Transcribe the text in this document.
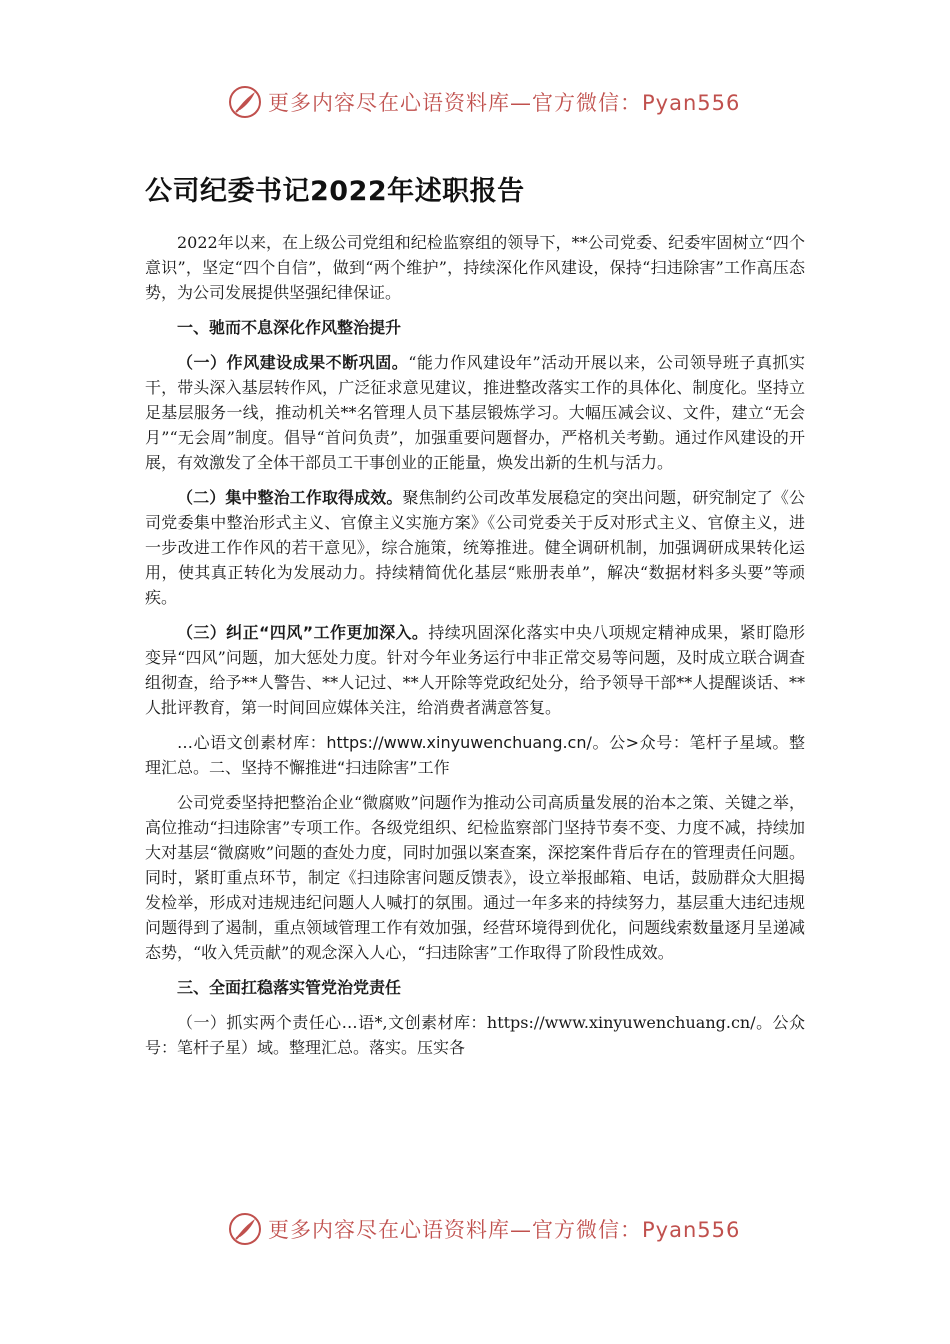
更多内容尽在心语资料库—官方微信：Pyan556
公司纪委书记2022年述职报告

2022年以来，在上级公司党组和纪检监察组的领导下，**公司党委、纪委牢固树立“四个意识”，坚定“四个自信”，做到“两个维护”，持续深化作风建设，保持“扫违除害”工作高压态势，为公司发展提供坚强纪律保证。

一、驰而不息深化作风整治提升

（一）作风建设成果不断巩固。“能力作风建设年”活动开展以来，公司领导班子真抓实干，带头深入基层转作风，广泛征求意见建议，推进整改落实工作的具体化、制度化。坚持立足基层服务一线，推动机关**名管理人员下基层锻炼学习。大幅压减会议、文件，建立“无会月”“无会周”制度。倡导“首问负责”，加强重要问题督办，严格机关考勤。通过作风建设的开展，有效激发了全体干部员工干事创业的正能量，焕发出新的生机与活力。

（二）集中整治工作取得成效。聚焦制约公司改革发展稳定的突出问题，研究制定了《公司党委集中整治形式主义、官僚主义实施方案》《公司党委关于反对形式主义、官僚主义，进一步改进工作作风的若干意见》，综合施策，统筹推进。健全调研机制，加强调研成果转化运用，使其真正转化为发展动力。持续精简优化基层“账册表单”，解决“数据材料多头要”等顽疾。

（三）纠正“四风”工作更加深入。持续巩固深化落实中央八项规定精神成果，紧盯隐形变异“四风”问题，加大惩处力度。针对今年业务运行中非正常交易等问题，及时成立联合调查组彻查，给予**人警告、**人记过、**人开除等党政纪处分，给予领导干部**人提醒谈话、**人批评教育，第一时间回应媒体关注，给消费者满意答复。

…心语文创素材库：https://www.xinyuwenchuang.cn/。公>众号：笔杆子星域。整理汇总。二、坚持不懈推进“扫违除害”工作

公司党委坚持把整治企业“微腐败”问题作为推动公司高质量发展的治本之策、关键之举，高位推动“扫违除害”专项工作。各级党组织、纪检监察部门坚持节奏不变、力度不减，持续加大对基层“微腐败”问题的查处力度，同时加强以案查案，深挖案件背后存在的管理责任问题。同时，紧盯重点环节，制定《扫违除害问题反馈表》，设立举报邮箱、电话，鼓励群众大胆揭发检举，形成对违规违纪问题人人喊打的氛围。通过一年多来的持续努力，基层重大违纪违规问题得到了遏制，重点领域管理工作有效加强，经营环境得到优化，问题线索数量逐月呈递减态势，“收入凭贡献”的观念深入人心，“扫违除害”工作取得了阶段性成效。

三、全面扛稳落实管党治党责任

（一）抓实两个责任心…语*,文创素材库：https://www.xinyuwenchuang.cn/。公众号：笔杆子星）域。整理汇总。落实。压实各

更多内容尽在心语资料库—官方微信：Pyan556
